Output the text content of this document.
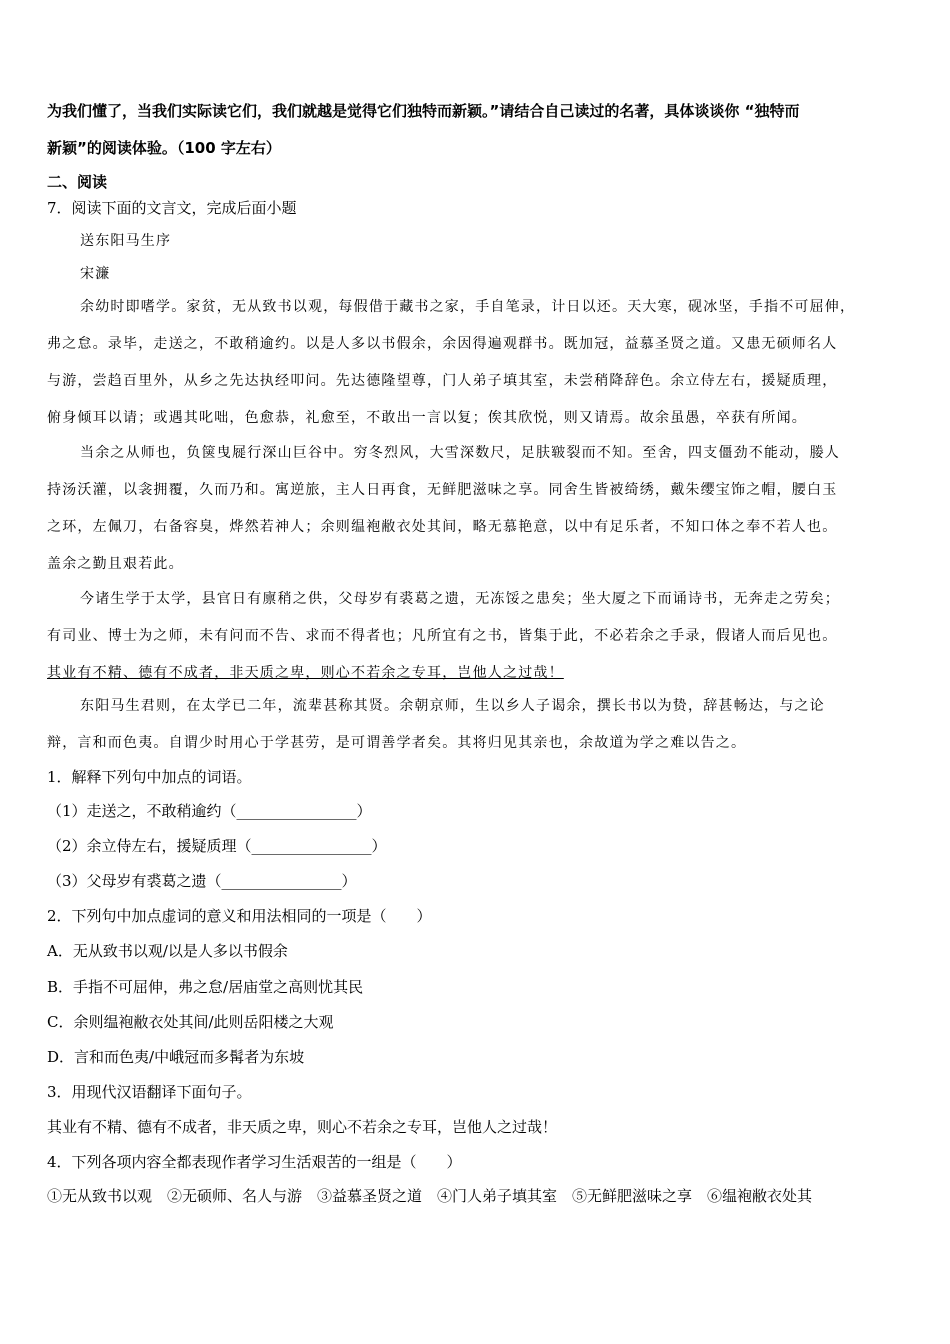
为我们懂了，当我们实际读它们，我们就越是觉得它们独特而新颖。”请结合自己读过的名著，具体谈谈你 “独特而
新颖”的阅读体验。（100 字左右）
二、阅读
7．阅读下面的文言文，完成后面小题
送东阳马生序
宋濂
余幼时即嗜学。家贫，无从致书以观，每假借于藏书之家，手自笔录，计日以还。天大寒，砚冰坚，手指不可屈伸，
弗之怠。录毕，走送之，不敢稍逾约。以是人多以书假余，余因得遍观群书。既加冠，益慕圣贤之道。又患无硕师名人
与游，尝趋百里外，从乡之先达执经叩问。先达德隆望尊，门人弟子填其室，未尝稍降辞色。余立侍左右，援疑质理，
俯身倾耳以请；或遇其叱咄，色愈恭，礼愈至，不敢出一言以复；俟其欣悦，则又请焉。故余虽愚，卒获有所闻。
当余之从师也，负箧曳屣行深山巨谷中。穷冬烈风，大雪深数尺，足肤皲裂而不知。至舍，四支僵劲不能动，媵人
持汤沃灌，以衾拥覆，久而乃和。寓逆旅，主人日再食，无鲜肥滋味之享。同舍生皆被绮绣，戴朱缨宝饰之帽，腰白玉
之环，左佩刀，右备容臭，烨然若神人；余则缊袍敝衣处其间，略无慕艳意，以中有足乐者，不知口体之奉不若人也。
盖余之勤且艰若此。
今诸生学于太学，县官日有廪稍之供，父母岁有裘葛之遗，无冻馁之患矣；坐大厦之下而诵诗书，无奔走之劳矣；
有司业、博士为之师，未有问而不告、求而不得者也；凡所宜有之书，皆集于此，不必若余之手录，假诸人而后见也。
其业有不精、德有不成者，非天质之卑，则心不若余之专耳，岂他人之过哉！
东阳马生君则，在太学已二年，流辈甚称其贤。余朝京师，生以乡人子谒余，撰长书以为贽，辞甚畅达，与之论
辩，言和而色夷。自谓少时用心于学甚劳，是可谓善学者矣。其将归见其亲也，余故道为学之难以告之。
1．解释下列句中加点的词语。
（1）走送之，不敢稍逾约（________________）
（2）余立侍左右，援疑质理（________________）
（3）父母岁有裘葛之遗（________________）
2．下列句中加点虚词的意义和用法相同的一项是（　　）
A．无从致书以观/以是人多以书假余
B．手指不可屈伸，弗之怠/居庙堂之高则忧其民
C．余则缊袍敝衣处其间/此则岳阳楼之大观
D．言和而色夷/中峨冠而多髯者为东坡
3．用现代汉语翻译下面句子。
其业有不精、德有不成者，非天质之卑，则心不若余之专耳，岂他人之过哉！
4．下列各项内容全都表现作者学习生活艰苦的一组是（　　）
①无从致书以观　②无硕师、名人与游　③益慕圣贤之道　④门人弟子填其室　⑤无鲜肥滋味之享　⑥缊袍敝衣处其
